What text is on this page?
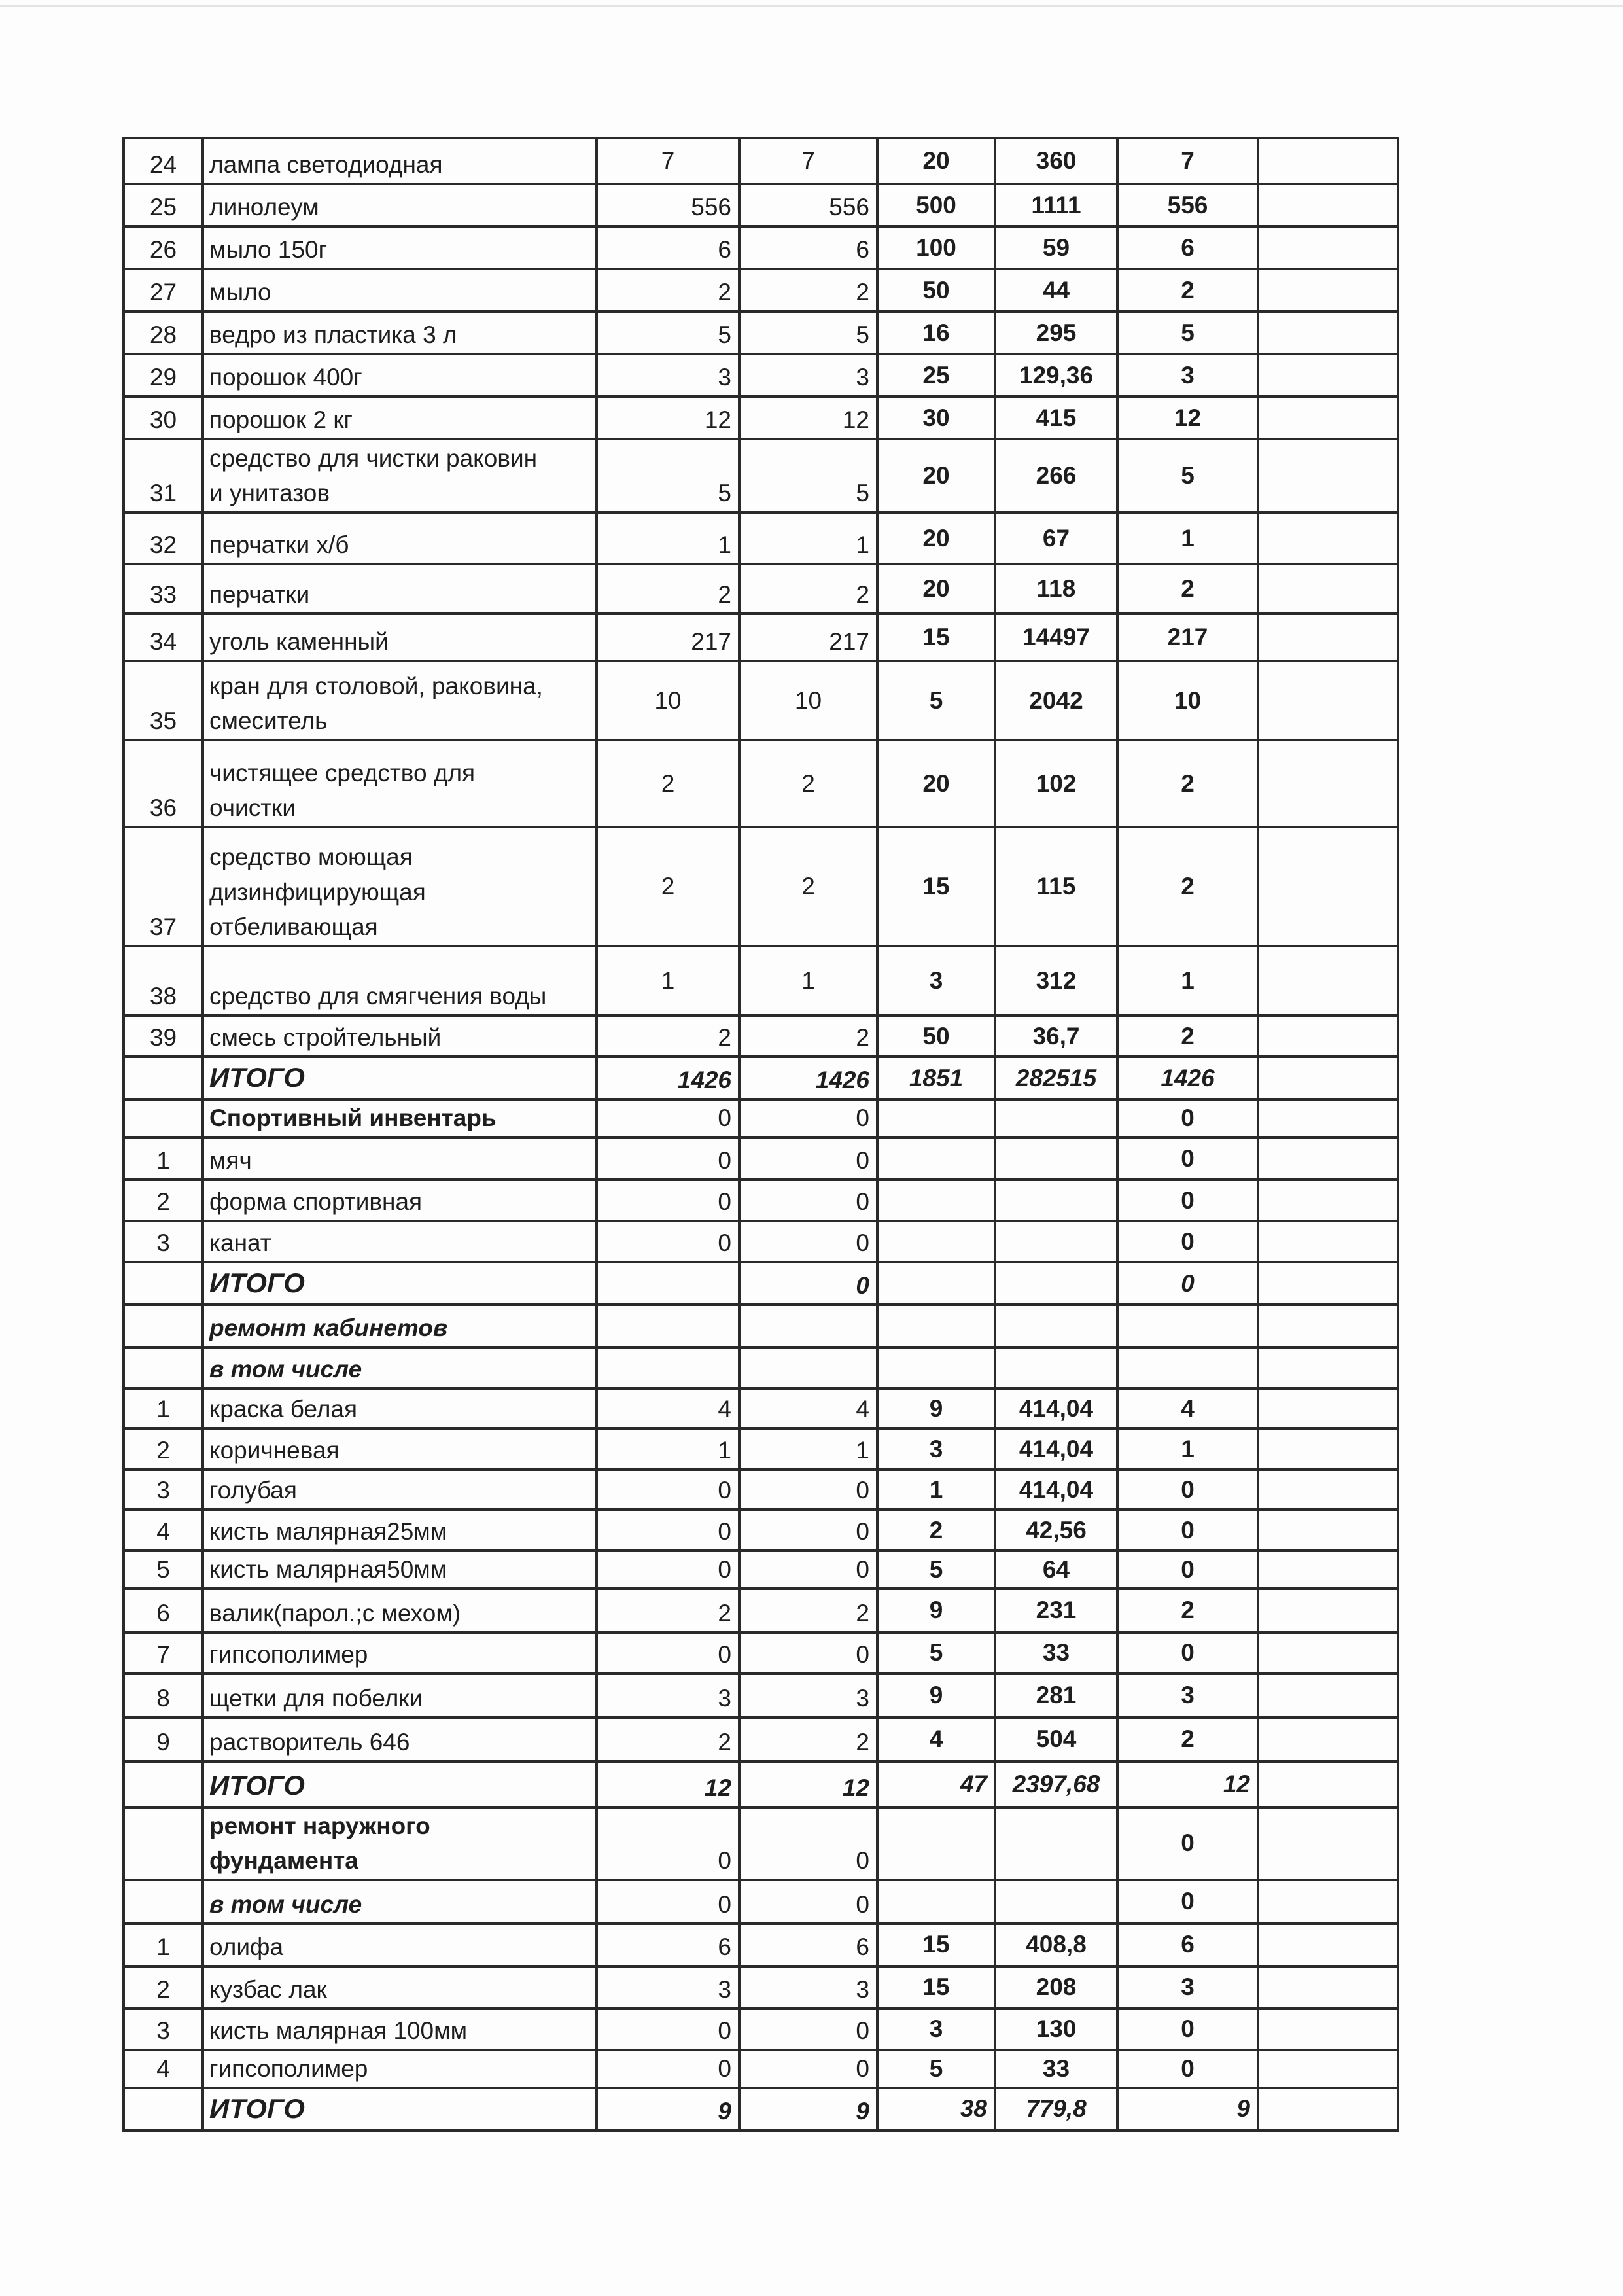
24	лампа светодиодная	7	7	20	360	7	
25	линолеум	556	556	500	1111	556	
26	мыло 150г	6	6	100	59	6	
27	мыло	2	2	50	44	2	
28	ведро из пластика 3 л	5	5	16	295	5	
29	порошок 400г	3	3	25	129,36	3	
30	порошок 2 кг	12	12	30	415	12	
31	средство для чистки раковин
и унитазов	5	5	20	266	5	
32	перчатки х/б	1	1	20	67	1	
33	перчатки	2	2	20	118	2	
34	уголь каменный	217	217	15	14497	217	
35	кран для столовой, раковина,
смеситель	10	10	5	2042	10	
36	чистящее средство для
очистки	2	2	20	102	2	
37	средство моющая
дизинфицирующая
отбеливающая	2	2	15	115	2	
38	средство для смягчения воды	1	1	3	312	1	
39	смесь стройтельный	2	2	50	36,7	2	
	ИТОГО	1426	1426	1851	282515	1426	
	Спортивный инвентарь	0	0			0	
1	мяч	0	0			0	
2	форма спортивная	0	0			0	
3	канат	0	0			0	
	ИТОГО		0			0	
	ремонт кабинетов						
	в том числе						
1	краска белая	4	4	9	414,04	4	
2	коричневая	1	1	3	414,04	1	
3	голубая	0	0	1	414,04	0	
4	кисть малярная25мм	0	0	2	42,56	0	
5	кисть малярная50мм	0	0	5	64	0	
6	валик(парол.;с мехом)	2	2	9	231	2	
7	гипсополимер	0	0	5	33	0	
8	щетки для побелки	3	3	9	281	3	
9	растворитель 646	2	2	4	504	2	
	ИТОГО	12	12	47	2397,68	12	
	ремонт наружного
фундамента	0	0			0	
	в том числе	0	0			0	
1	олифа	6	6	15	408,8	6	
2	кузбас лак	3	3	15	208	3	
3	кисть малярная 100мм	0	0	3	130	0	
4	гипсополимер	0	0	5	33	0	
	ИТОГО	9	9	38	779,8	9	
